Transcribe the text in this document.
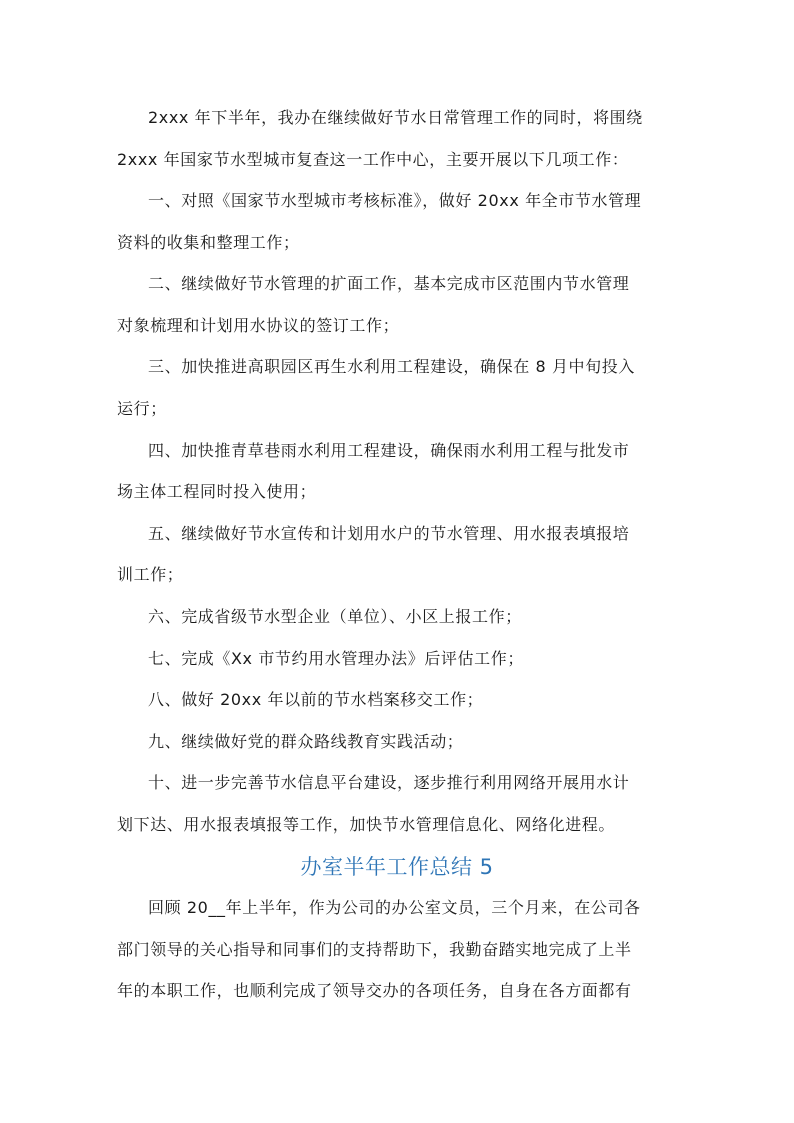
2xxx 年下半年，我办在继续做好节水日常管理工作的同时，将围绕
2xxx 年国家节水型城市复查这一工作中心，主要开展以下几项工作：
一、对照《国家节水型城市考核标准》，做好 20xx 年全市节水管理
资料的收集和整理工作；
二、继续做好节水管理的扩面工作，基本完成市区范围内节水管理
对象梳理和计划用水协议的签订工作；
三、加快推进高职园区再生水利用工程建设，确保在 8 月中旬投入
运行；
四、加快推青草巷雨水利用工程建设，确保雨水利用工程与批发市
场主体工程同时投入使用；
五、继续做好节水宣传和计划用水户的节水管理、用水报表填报培
训工作；
六、完成省级节水型企业（单位）、小区上报工作；
七、完成《Xx 市节约用水管理办法》后评估工作；
八、做好 20xx 年以前的节水档案移交工作；
九、继续做好党的群众路线教育实践活动；
十、进一步完善节水信息平台建设，逐步推行利用网络开展用水计
划下达、用水报表填报等工作，加快节水管理信息化、网络化进程。
办室半年工作总结 5
回顾 20__年上半年，作为公司的办公室文员，三个月来，在公司各
部门领导的关心指导和同事们的支持帮助下，我勤奋踏实地完成了上半
年的本职工作，也顺利完成了领导交办的各项任务，自身在各方面都有
